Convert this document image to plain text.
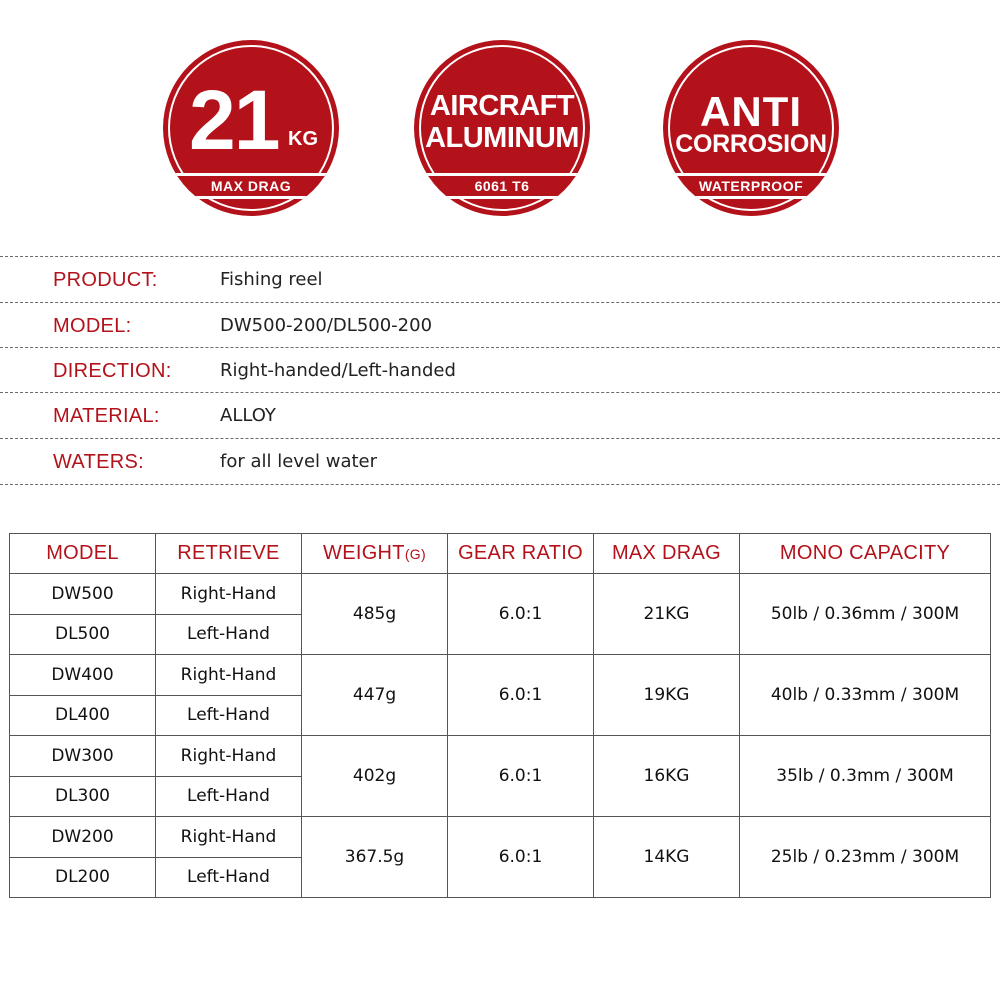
21 KG
MAX DRAG
AIRCRAFT
ALUMINUM
6061 T6
ANTI
CORROSION
WATERPROOF
PRODUCT:	Fishing reel
MODEL:	DW500-200/DL500-200
DIRECTION:	Right-handed/Left-handed
MATERIAL:	ALLOY
WATERS:	for all level water
MODEL	RETRIEVE	WEIGHT(G)	GEAR RATIO	MAX DRAG	MONO CAPACITY
DW500	Right-Hand	485g	6.0:1	21KG	50lb / 0.36mm / 300M
DL500	Left-Hand				
DW400	Right-Hand	447g	6.0:1	19KG	40lb / 0.33mm / 300M
DL400	Left-Hand				
DW300	Right-Hand	402g	6.0:1	16KG	35lb / 0.3mm / 300M
DL300	Left-Hand				
DW200	Right-Hand	367.5g	6.0:1	14KG	25lb / 0.23mm / 300M
DL200	Left-Hand				
